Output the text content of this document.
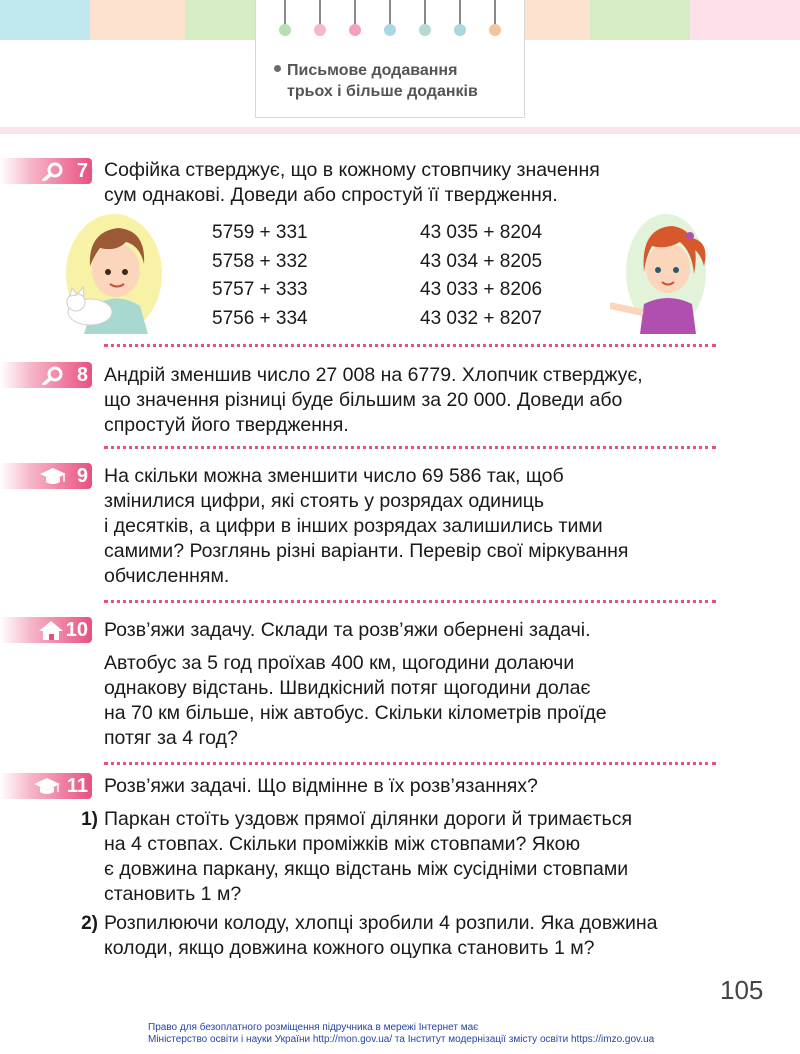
Письмове додавання
трьох і більше доданків
7 Софійка стверджує, що в кожному стовпчику значення
сум однакові. Доведи або спростуй її твердження.
5759 + 331
5758 + 332
5757 + 333
5756 + 334
43 035 + 8204
43 034 + 8205
43 033 + 8206
43 032 + 8207
8 Андрій зменшив число 27 008 на 6779. Хлопчик стверджує,
що значення різниці буде більшим за 20 000. Доведи або
спростуй його твердження.
9 На скільки можна зменшити число 69 586 так, щоб
змінилися цифри, які стоять у розрядах одиниць
і десятків, а цифри в інших розрядах залишились тими
самими? Розглянь різні варіанти. Перевір свої міркування
обчисленням.
10 Розв’яжи задачу. Склади та розв’яжи обернені задачі.
Автобус за 5 год проїхав 400 км, щогодини долаючи
однакову відстань. Швидкісний потяг щогодини долає
на 70 км більше, ніж автобус. Скільки кілометрів проїде
потяг за 4 год?
11 Розв’яжи задачі. Що відмінне в їх розв’язаннях?
1) Паркан стоїть уздовж прямої ділянки дороги й тримається
на 4 стовпах. Скільки проміжків між стовпами? Якою
є довжина паркану, якщо відстань між сусідніми стовпами
становить 1 м?
2) Розпилюючи колоду, хлопці зробили 4 розпили. Яка довжина
колоди, якщо довжина кожного оцупка становить 1 м?
105
Право для безоплатного розміщення підручника в мережі Інтернет має
Міністерство освіти і науки України http://mon.gov.ua/ та Інститут модернізації змісту освіти https://imzo.gov.ua
